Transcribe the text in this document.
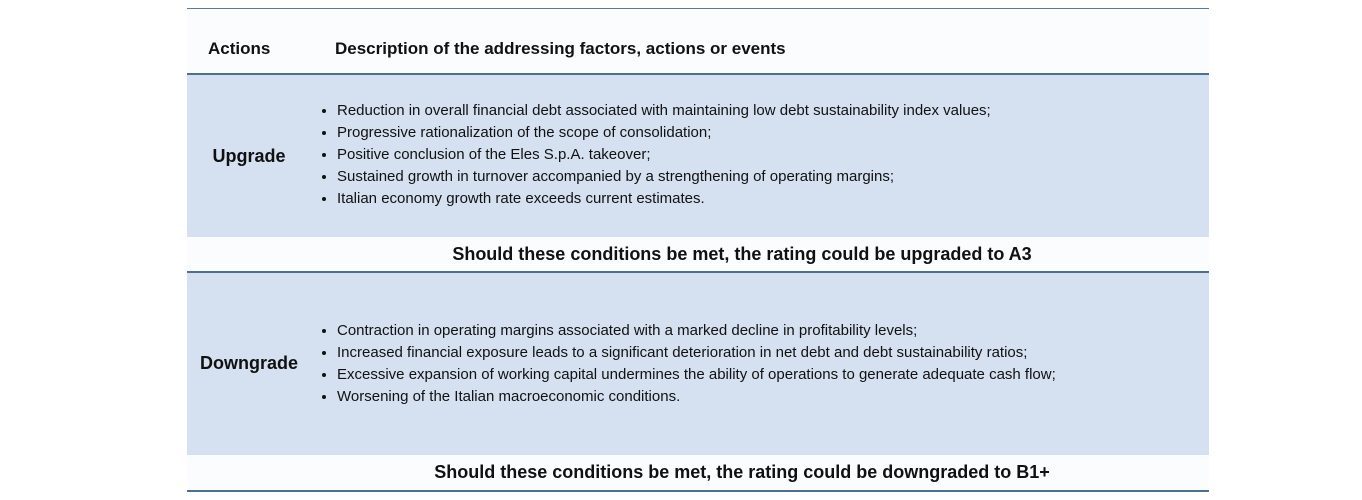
Actions	Description of the addressing factors, actions or events
Upgrade
• Reduction in overall financial debt associated with maintaining low debt sustainability index values;
• Progressive rationalization of the scope of consolidation;
• Positive conclusion of the Eles S.p.A. takeover;
• Sustained growth in turnover accompanied by a strengthening of operating margins;
• Italian economy growth rate exceeds current estimates.
Should these conditions be met, the rating could be upgraded to A3
Downgrade
• Contraction in operating margins associated with a marked decline in profitability levels;
• Increased financial exposure leads to a significant deterioration in net debt and debt sustainability ratios;
• Excessive expansion of working capital undermines the ability of operations to generate adequate cash flow;
• Worsening of the Italian macroeconomic conditions.
Should these conditions be met, the rating could be downgraded to B1+
